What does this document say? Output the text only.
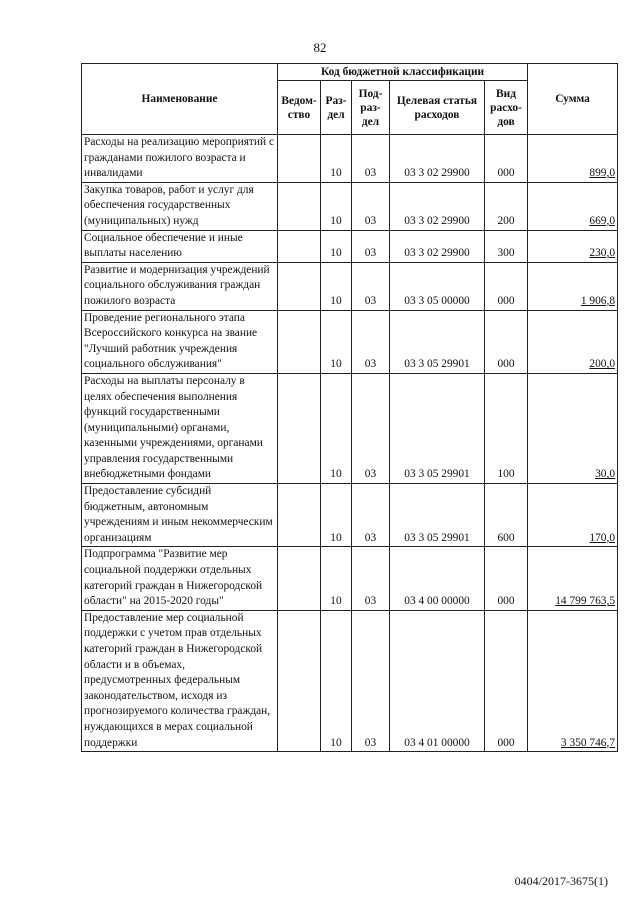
82
Наименование	Код бюджетной классификации					Сумма
	Ведом-ство	Раз-дел	Под-раз-дел	Целевая статья расходов	Вид расхо-дов	
Расходы на реализацию мероприятий с гражданами пожилого возраста и инвалидами		10	03	03 3 02 29900	000	899,0
Закупка товаров, работ и услуг для обеспечения государственных (муниципальных) нужд		10	03	03 3 02 29900	200	669,0
Социальное обеспечение и иные выплаты населению		10	03	03 3 02 29900	300	230,0
Развитие и модернизация учреждений социального обслуживания граждан пожилого возраста		10	03	03 3 05 00000	000	1 906,8
Проведение регионального этапа Всероссийского конкурса на звание "Лучший работник учреждения социального обслуживания"		10	03	03 3 05 29901	000	200,0
Расходы на выплаты персоналу в целях обеспечения выполнения функций государственными (муниципальными) органами, казенными учреждениями, органами управления государственными внебюджетными фондами		10	03	03 3 05 29901	100	30,0
Предоставление субсидий бюджетным, автономным учреждениям и иным некоммерческим организациям		10	03	03 3 05 29901	600	170,0
Подпрограмма "Развитие мер социальной поддержки отдельных категорий граждан в Нижегородской области" на 2015-2020 годы"		10	03	03 4 00 00000	000	14 799 763,5
Предоставление мер социальной поддержки с учетом прав отдельных категорий граждан в Нижегородской области и в объемах, предусмотренных федеральным законодательством, исходя из прогнозируемого количества граждан, нуждающихся в мерах социальной поддержки		10	03	03 4 01 00000	000	3 350 746,7
0404/2017-3675(1)
